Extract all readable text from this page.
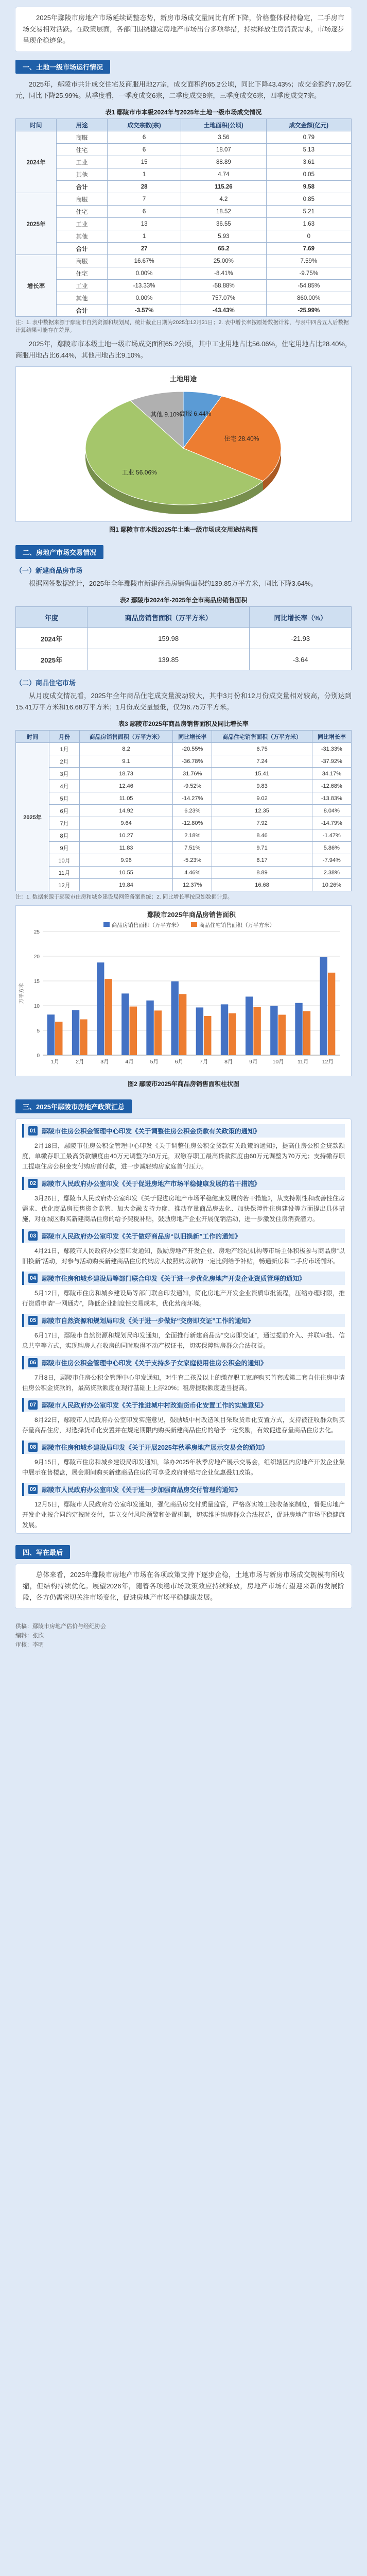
2025年鄢陵市房地产市场延续调整态势，新房市场成交量同比有所下降，价格整体保持稳定，二手房市场交易相对活跃。在政策层面，各部门围绕稳定房地产市场出台多项举措，持续释放住房消费需求，市场逐步呈现企稳迹象。

一、土地一级市场运行情况

2025年，鄢陵市共计成交住宅及商服用地27宗，成交面积约65.2公顷，同比下降43.43%；成交金额约7.69亿元，同比下降25.99%。从季度看，一季度成交6宗，二季度成交8宗，三季度成交6宗，四季度成交7宗。

表1 鄢陵市市本级2024年与2025年土地一级市场成交情况
时间	用途	成交宗数(宗)	土地面积(公顷)	成交金额(亿元)
2024年	商服	6	3.56	0.79
	住宅	6	18.07	5.13
	工业	15	88.89	3.61
	其他	1	4.74	0.05
	合计	28	115.26	9.58
2025年	商服	7	4.2	0.85
	住宅	6	18.52	5.21
	工业	13	36.55	1.63
	其他	1	5.93	0
	合计	27	65.2	7.69
增长率	商服	16.67%	25.00%	7.59%
	住宅	0.00%	-8.41%	-9.75%
	工业	-13.33%	-58.88%	-54.85%
	其他	0.00%	757.07%	860.00%
	合计	-3.57%	-43.43%	-25.99%
注：1. 表中数据来源于鄢陵市自然资源和规划局，统计截止日期为2025年12月31日；2. 表中增长率按原始数据计算，与表中四舍五入后数据计算结果可能存在差异。

2025年，鄢陵市市本级土地一级市场成交面积65.2公顷，其中工业用地占比56.06%，住宅用地占比28.40%，商服用地占比6.44%，其他用地占比9.10%。

土地用途
商服 6.44%
住宅 28.40%
工业 56.06%
其他 9.10%
图1 鄢陵市市本级2025年土地一级市场成交用途结构图
二、房地产市场交易情况
（一）新建商品房市场

根据网签数据统计，2025年全年鄢陵市新建商品房销售面积约139.85万平方米，同比下降3.64%。

表2 鄢陵市2024年-2025年全市商品房销售面积
年度	商品房销售面积（万平方米）	同比增长率（%）
2024年	159.98	-21.93
2025年	139.85	-3.64
（二）商品住宅市场

从月度成交情况看，2025年全年商品住宅成交量波动较大，其中3月份和12月份成交量相对较高，分别达到15.41万平方米和16.68万平方米；1月份成交量最低，仅为6.75万平方米。

表3 鄢陵市2025年商品房销售面积及同比增长率
时间	月份	商品房销售面积（万平方米）	同比增长率	商品住宅销售面积（万平方米）	同比增长率
2025年	1月	8.2	-20.55%	6.75	-31.33%
	2月	9.1	-36.78%	7.24	-37.92%
	3月	18.73	31.76%	15.41	34.17%
	4月	12.46	-9.52%	9.83	-12.68%
	5月	11.05	-14.27%	9.02	-13.83%
	6月	14.92	6.23%	12.35	8.04%
	7月	9.64	-12.80%	7.92	-14.79%
	8月	10.27	2.18%	8.46	-1.47%
	9月	11.83	7.51%	9.71	5.86%
	10月	9.96	-5.23%	8.17	-7.94%
	11月	10.55	4.46%	8.89	2.38%
	12月	19.84	12.37%	16.68	10.26%
注：1. 数据来源于鄢陵市住房和城乡建设局网签备案系统；2. 同比增长率按原始数据计算。
鄢陵市2025年商品房销售面积
商品房销售面积（万平方米）	商品住宅销售面积（万平方米）
0
5
10
15
20
25
万平方米
1月	2月	3月	4月	5月	6月	7月	8月	9月	10月	11月	12月
图2 鄢陵市2025年商品房销售面积柱状图
三、2025年鄢陵市房地产政策汇总
01 鄢陵市住房公积金管理中心印发《关于调整住房公积金贷款有关政策的通知》

2月18日，鄢陵市住房公积金管理中心印发《关于调整住房公积金贷款有关政策的通知》，提高住房公积金贷款额度，单缴存职工最高贷款额度由40万元调整为50万元，双缴存职工最高贷款额度由60万元调整为70万元；支持缴存职工提取住房公积金支付购房首付款，进一步减轻购房家庭首付压力。

02 鄢陵市人民政府办公室印发《关于促进房地产市场平稳健康发展的若干措施》

3月26日，鄢陵市人民政府办公室印发《关于促进房地产市场平稳健康发展的若干措施》，从支持刚性和改善性住房需求、优化商品房预售资金监管、加大金融支持力度、推动存量商品房去化、加快保障性住房建设等方面提出具体措施，对在城区购买新建商品住房的给予契税补贴，鼓励房地产企业开展促销活动，进一步激发住房消费潜力。

03 鄢陵市人民政府办公室印发《关于做好商品房“以旧换新”工作的通知》

4月21日，鄢陵市人民政府办公室印发通知，鼓励房地产开发企业、房地产经纪机构等市场主体积极参与商品房“以旧换新”活动，对参与活动购买新建商品住房的购房人按照购房款的一定比例给予补贴，畅通新房和二手房市场循环。

04 鄢陵市住房和城乡建设局等部门联合印发《关于进一步优化房地产开发企业资质管理的通知》

5月12日，鄢陵市住房和城乡建设局等部门联合印发通知，简化房地产开发企业资质审批流程，压缩办理时限，推行资质申请“一网通办”，降低企业制度性交易成本，优化营商环境。

05 鄢陵市自然资源和规划局印发《关于进一步做好“交房即交证”工作的通知》

6月17日，鄢陵市自然资源和规划局印发通知，全面推行新建商品房“交房即交证”，通过提前介入、并联审批、信息共享等方式，实现购房人在收房的同时取得不动产权证书，切实保障购房群众合法权益。

06 鄢陵市住房公积金管理中心印发《关于支持多子女家庭使用住房公积金的通知》

7月8日，鄢陵市住房公积金管理中心印发通知，对生育二孩及以上的缴存职工家庭购买首套或第二套自住住房申请住房公积金贷款的，最高贷款额度在现行基础上上浮20%；租房提取额度适当提高。

07 鄢陵市人民政府办公室印发《关于推进城中村改造货币化安置工作的实施意见》

8月22日，鄢陵市人民政府办公室印发实施意见，鼓励城中村改造项目采取货币化安置方式，支持被征收群众购买存量商品住房，对选择货币化安置并在规定期限内购买新建商品住房的给予一定奖励，有效促进存量商品住房去化。

08 鄢陵市住房和城乡建设局印发《关于开展2025年秋季房地产展示交易会的通知》

9月15日，鄢陵市住房和城乡建设局印发通知，举办2025年秋季房地产展示交易会，组织辖区内房地产开发企业集中展示在售楼盘，展会期间购买新建商品住房的可享受政府补贴与企业优惠叠加政策。

09 鄢陵市人民政府办公室印发《关于进一步加强商品房交付管理的通知》

12月5日，鄢陵市人民政府办公室印发通知，强化商品房交付质量监管，严格落实竣工验收备案制度，督促房地产开发企业按合同约定按时交付，建立交付风险预警和处置机制，切实维护购房群众合法权益，促进房地产市场平稳健康发展。

四、写在最后

总体来看，2025年鄢陵市房地产市场在各项政策支持下逐步企稳，土地市场与新房市场成交规模有所收缩，但结构持续优化。展望2026年，随着各项稳市场政策效应持续释放，房地产市场有望迎来新的发展阶段，各方仍需密切关注市场变化，促进房地产市场平稳健康发展。

供稿：鄢陵市房地产估价与经纪协会
编辑：张欣
审核：李明
